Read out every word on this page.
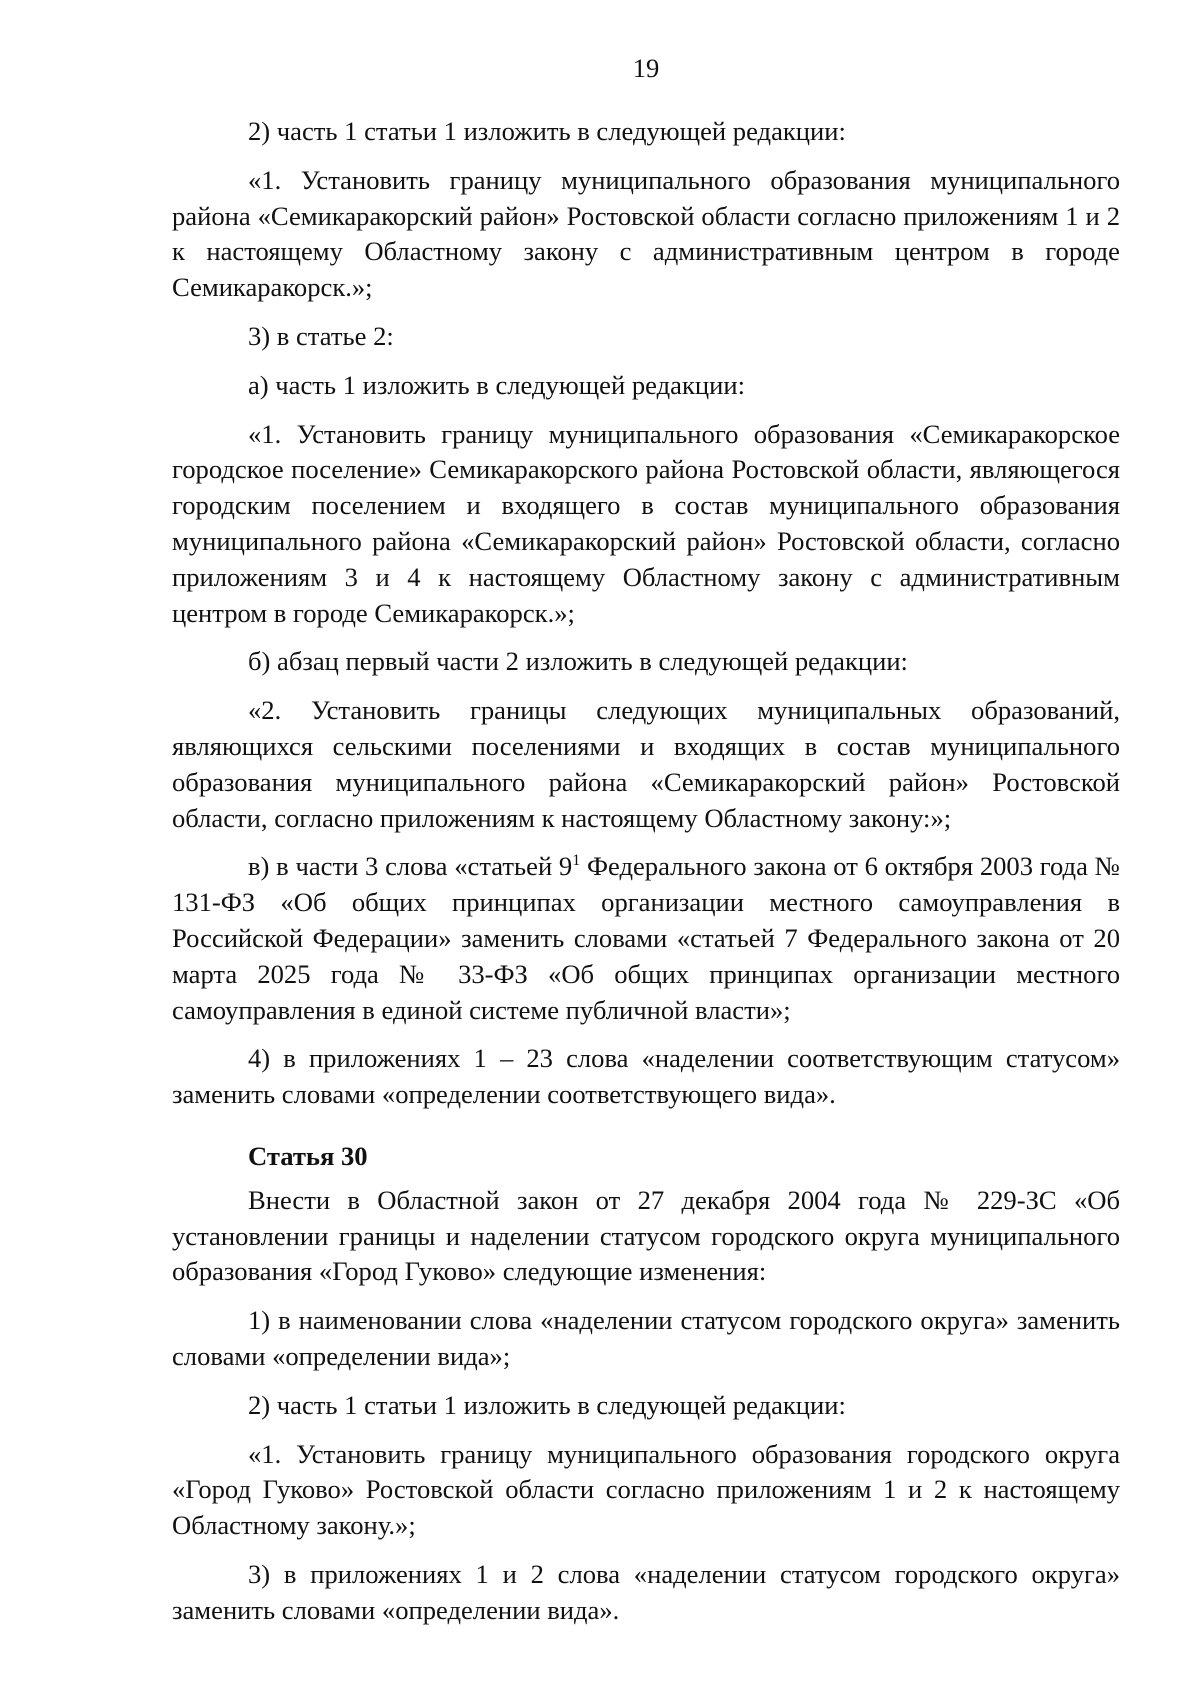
19

2) часть 1 статьи 1 изложить в следующей редакции:

«1. Установить границу муниципального образования муниципального района «Семикаракорский район» Ростовской области согласно приложениям 1 и 2 к настоящему Областному закону с административным центром в городе Семикаракорск.»;

3) в статье 2:

а) часть 1 изложить в следующей редакции:

«1. Установить границу муниципального образования «Семикаракорское городское поселение» Семикаракорского района Ростовской области, являющегося городским поселением и входящего в состав муниципального образования муниципального района «Семикаракорский район» Ростовской области, согласно приложениям 3 и 4 к настоящему Областному закону с административным центром в городе Семикаракорск.»;

б) абзац первый части 2 изложить в следующей редакции:

«2. Установить границы следующих муниципальных образований, являющихся сельскими поселениями и входящих в состав муниципального образования муниципального района «Семикаракорский район» Ростовской области, согласно приложениям к настоящему Областному закону:»;

в) в части 3 слова «статьей $9^1$ Федерального закона от 6 октября 2003 года № 131-ФЗ «Об общих принципах организации местного самоуправления в Российской Федерации» заменить словами «статьей 7 Федерального закона от 20 марта 2025 года № 33-ФЗ «Об общих принципах организации местного самоуправления в единой системе публичной власти»;

4) в приложениях 1 – 23 слова «наделении соответствующим статусом» заменить словами «определении соответствующего вида».

Статья 30

Внести в Областной закон от 27 декабря 2004 года № 229-ЗС «Об установлении границы и наделении статусом городского округа муниципального образования «Город Гуково» следующие изменения:

1) в наименовании слова «наделении статусом городского округа» заменить словами «определении вида»;

2) часть 1 статьи 1 изложить в следующей редакции:

«1. Установить границу муниципального образования городского округа «Город Гуково» Ростовской области согласно приложениям 1 и 2 к настоящему Областному закону.»;

3) в приложениях 1 и 2 слова «наделении статусом городского округа» заменить словами «определении вида».
